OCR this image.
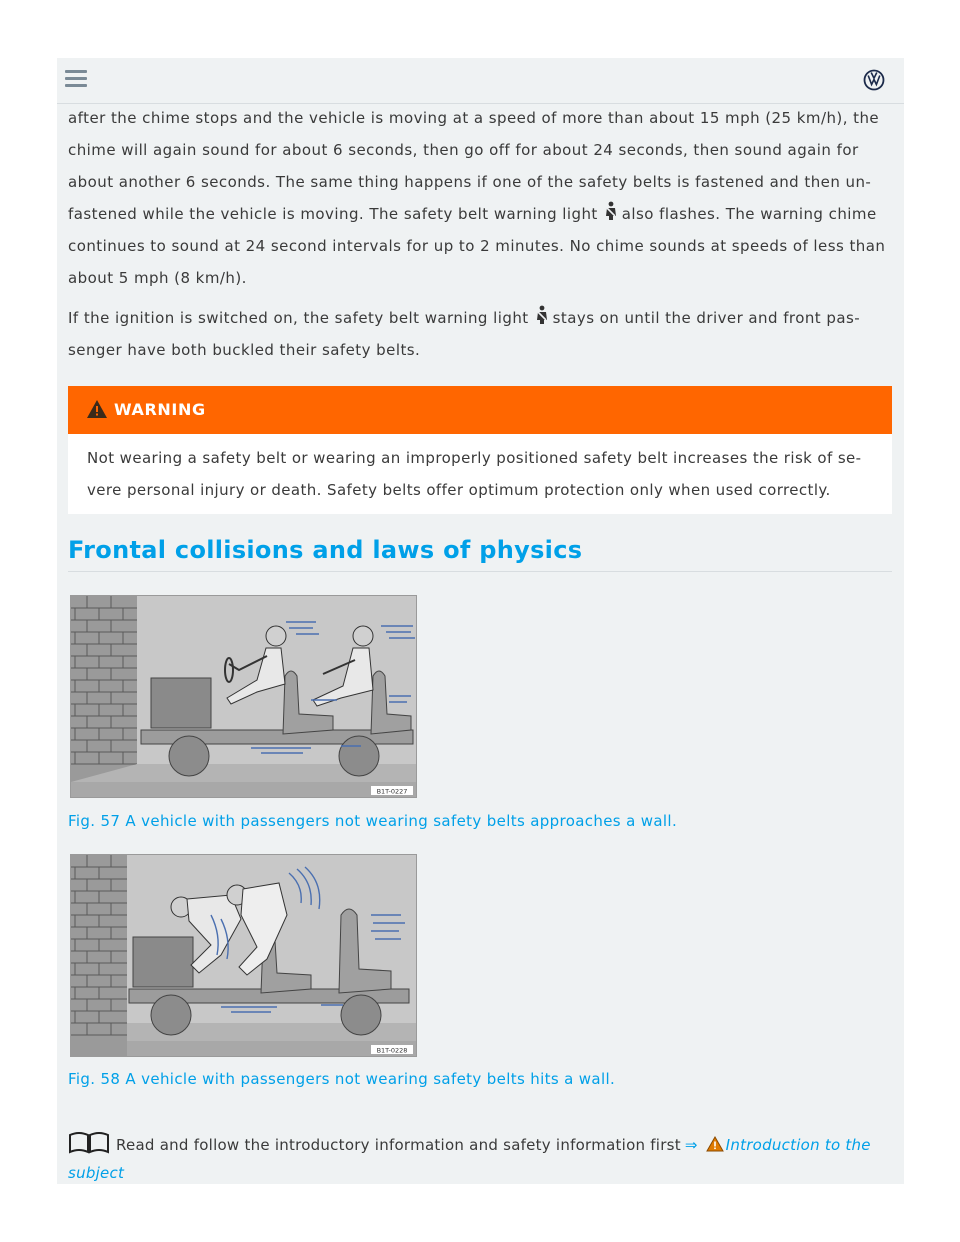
after the chime stops and the vehicle is moving at a speed of more than about 15 mph (25 km/h), the chime will again sound for about 6 seconds, then go off for about 24 seconds, then sound again for about another 6 seconds. The same thing happens if one of the safety belts is fastened and then un-fastened while the vehicle is moving. The safety belt warning light also flashes. The warning chime continues to sound at 24 second intervals for up to 2 minutes. No chime sounds at speeds of less than about 5 mph (8 km/h).

If the ignition is switched on, the safety belt warning light stays on until the driver and front pas-senger have both buckled their safety belts.

WARNING

Not wearing a safety belt or wearing an improperly positioned safety belt increases the risk of se-vere personal injury or death. Safety belts offer optimum protection only when used correctly.

Frontal collisions and laws of physics
B1T-0227

Fig. 57 A vehicle with passengers not wearing safety belts approaches a wall.

B1T-0228

Fig. 58 A vehicle with passengers not wearing safety belts hits a wall.

Read and follow the introductory information and safety information first ⇒ Introduction to the subject
